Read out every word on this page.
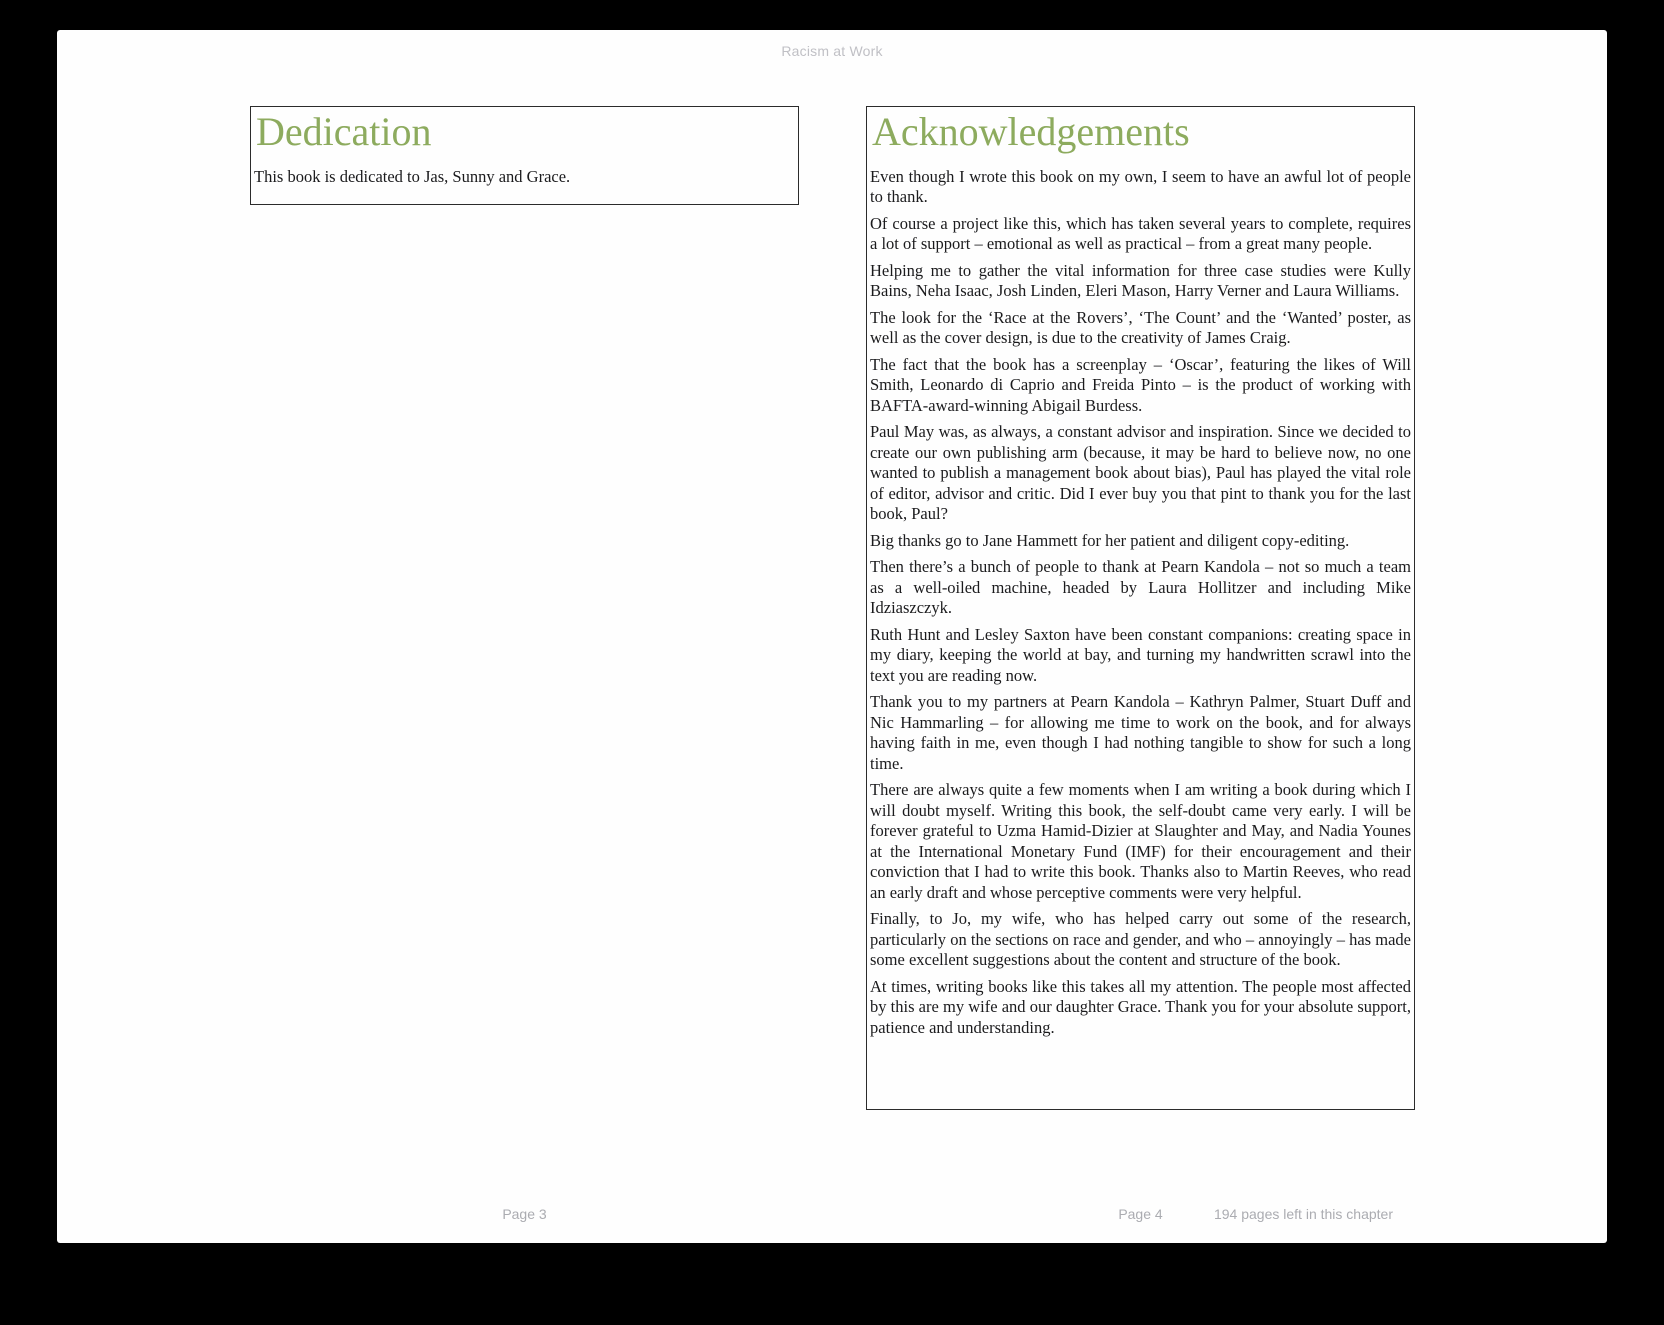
Racism at Work
Dedication

This book is dedicated to Jas, Sunny and Grace.

Acknowledgements

Even though I wrote this book on my own, I seem to have an awful lot of people to thank.

Of course a project like this, which has taken several years to complete, requires a lot of support – emotional as well as practical – from a great many people.

Helping me to gather the vital information for three case studies were Kully Bains, Neha Isaac, Josh Linden, Eleri Mason, Harry Verner and Laura Williams.

The look for the ‘Race at the Rovers’, ‘The Count’ and the ‘Wanted’ poster, as well as the cover design, is due to the creativity of James Craig.

The fact that the book has a screenplay – ‘Oscar’, featuring the likes of Will Smith, Leonardo di Caprio and Freida Pinto – is the product of working with BAFTA-award-winning Abigail Burdess.

Paul May was, as always, a constant advisor and inspiration. Since we decided to create our own publishing arm (because, it may be hard to believe now, no one wanted to publish a management book about bias), Paul has played the vital role of editor, advisor and critic. Did I ever buy you that pint to thank you for the last book, Paul?

Big thanks go to Jane Hammett for her patient and diligent copy-editing.

Then there’s a bunch of people to thank at Pearn Kandola – not so much a team as a well-oiled machine, headed by Laura Hollitzer and including Mike Idziaszczyk.

Ruth Hunt and Lesley Saxton have been constant companions: creating space in my diary, keeping the world at bay, and turning my handwritten scrawl into the text you are reading now.

Thank you to my partners at Pearn Kandola – Kathryn Palmer, Stuart Duff and Nic Hammarling – for allowing me time to work on the book, and for always having faith in me, even though I had nothing tangible to show for such a long time.

There are always quite a few moments when I am writing a book during which I will doubt myself. Writing this book, the self-doubt came very early. I will be forever grateful to Uzma Hamid-Dizier at Slaughter and May, and Nadia Younes at the International Monetary Fund (IMF) for their encouragement and their conviction that I had to write this book. Thanks also to Martin Reeves, who read an early draft and whose perceptive comments were very helpful.

Finally, to Jo, my wife, who has helped carry out some of the research, particularly on the sections on race and gender, and who – annoyingly – has made some excellent suggestions about the content and structure of the book.

At times, writing books like this takes all my attention. The people most affected by this are my wife and our daughter Grace. Thank you for your absolute support, patience and understanding.

Page 3	Page 4	194 pages left in this chapter
